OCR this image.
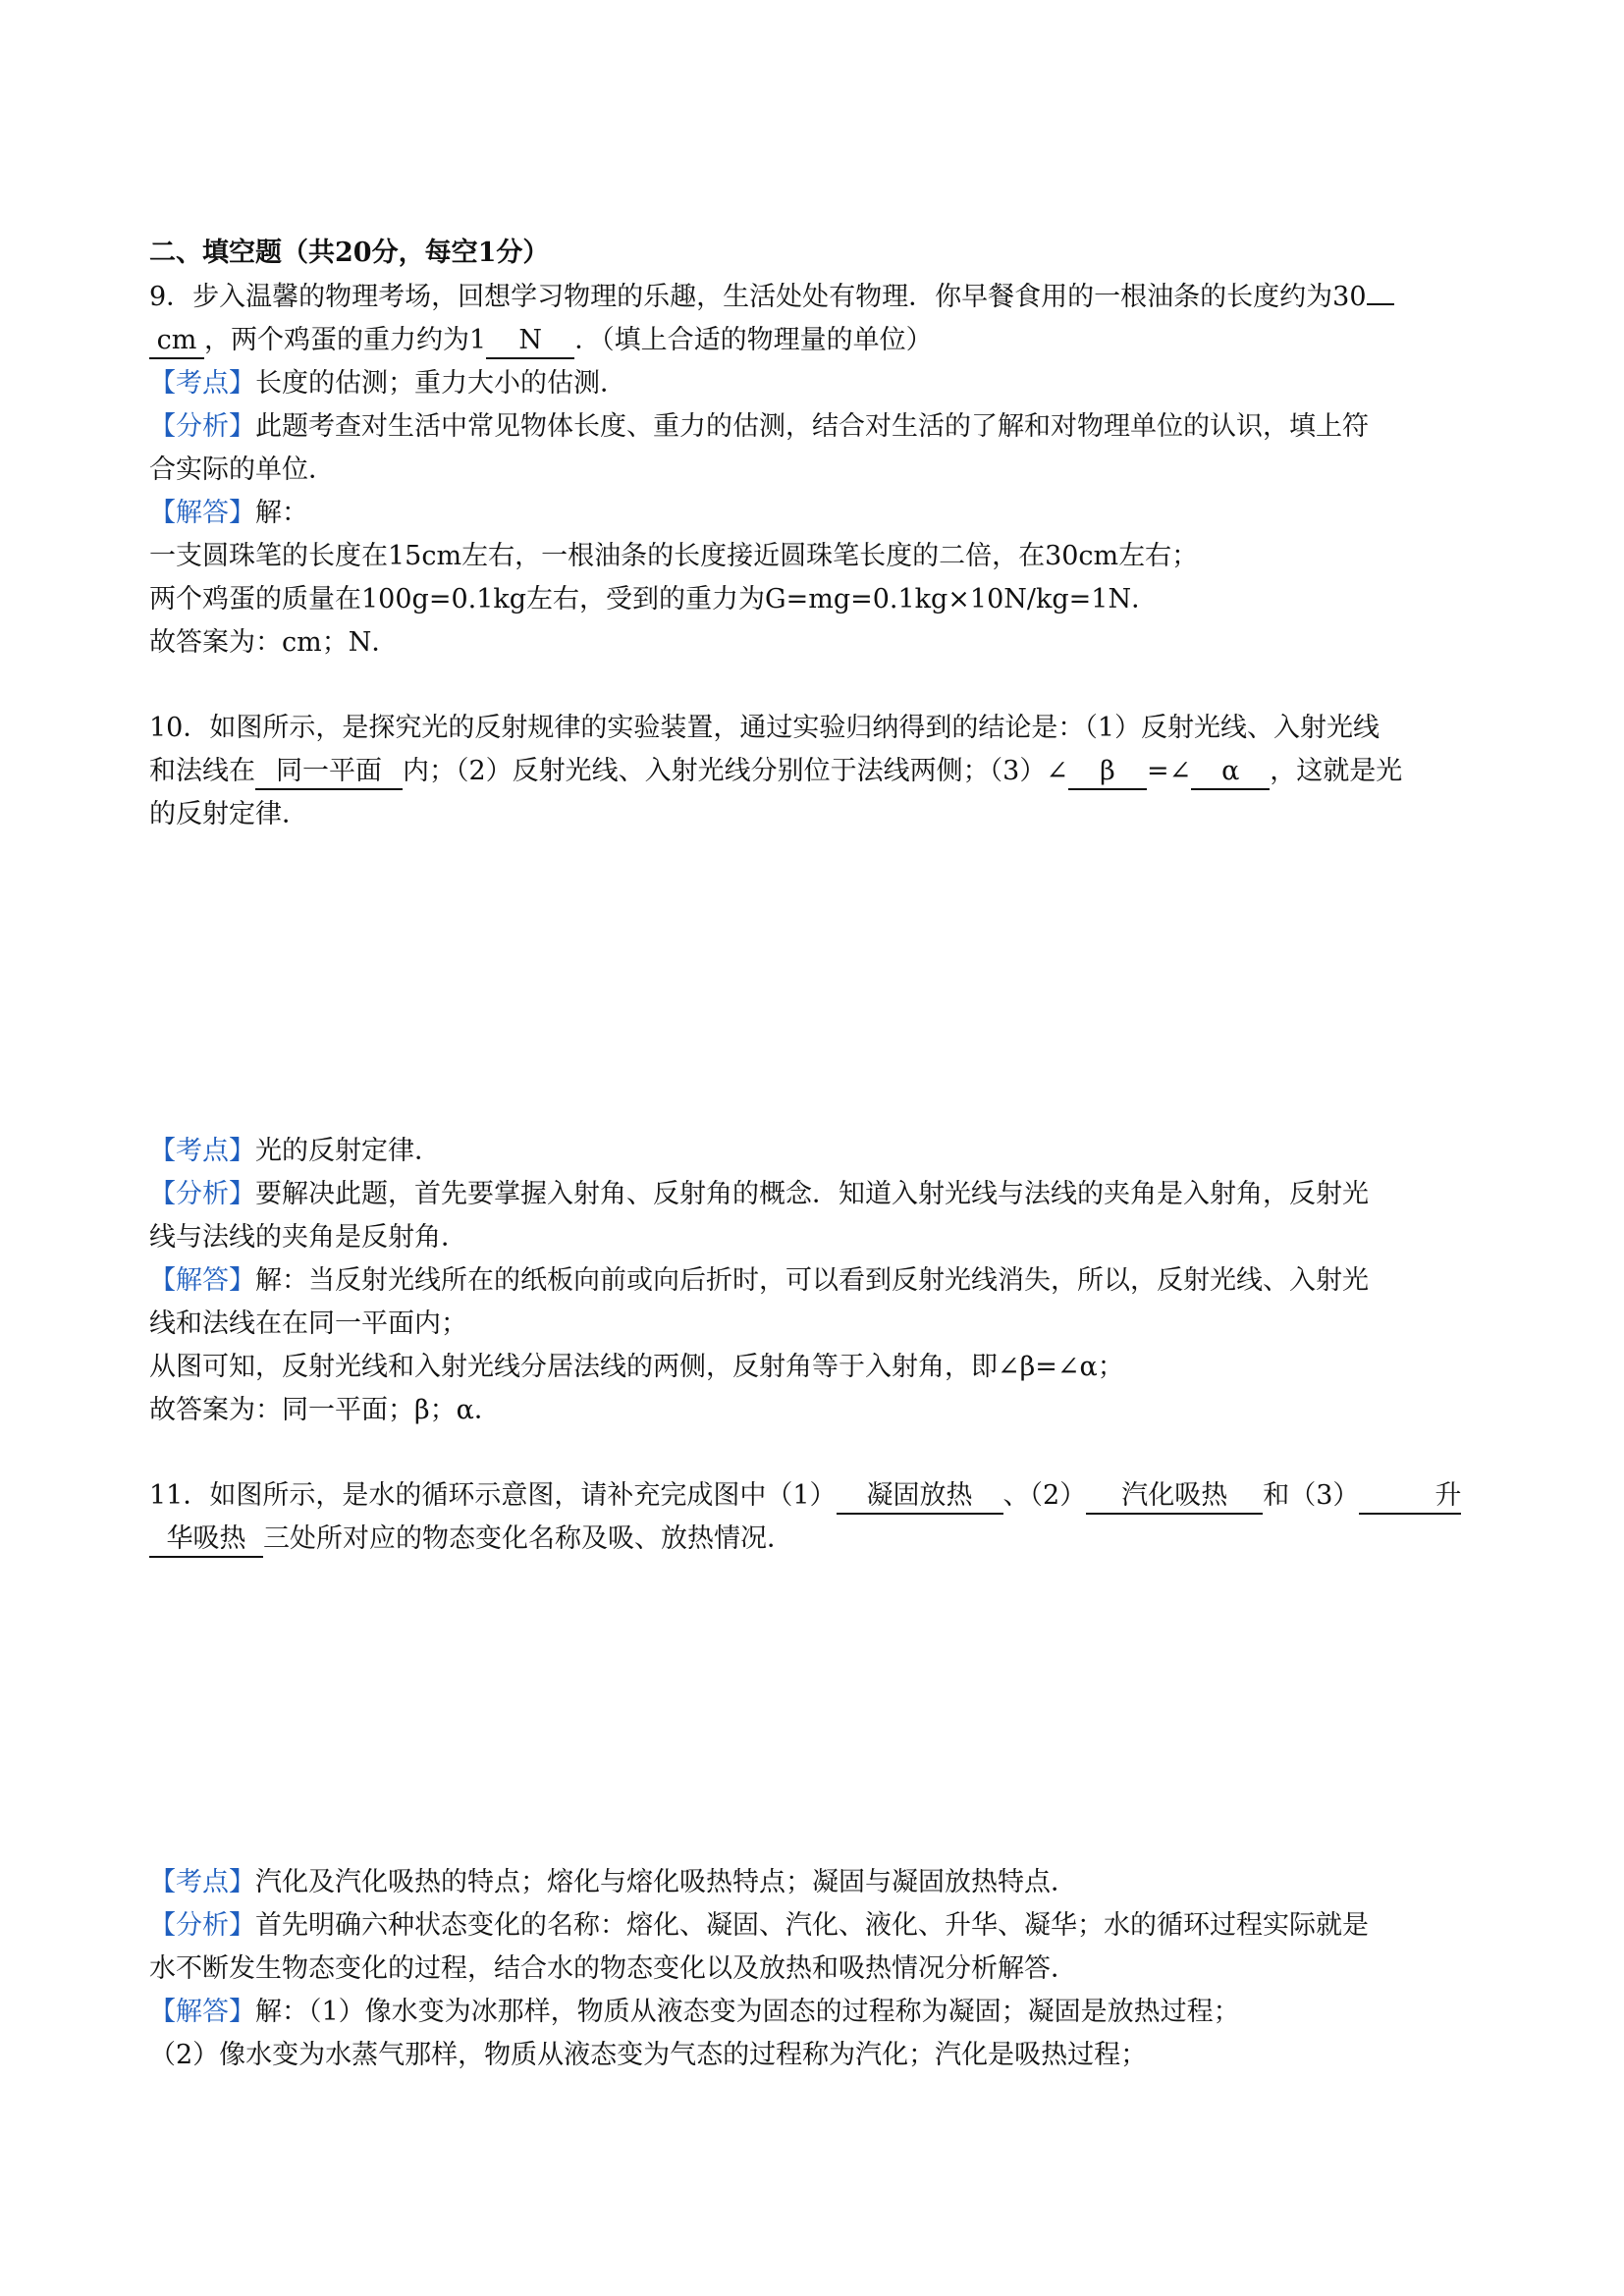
二、填空题（共20分，每空1分）
9．步入温馨的物理考场，回想学习物理的乐趣，生活处处有物理．你早餐食用的一根油条的长度约为30
cm ，两个鸡蛋的重力约为1 N ．（填上合适的物理量的单位）
【考点】长度的估测；重力大小的估测．
【分析】此题考查对生活中常见物体长度、重力的估测，结合对生活的了解和对物理单位的认识，填上符
合实际的单位．
【解答】解：
一支圆珠笔的长度在15cm左右，一根油条的长度接近圆珠笔长度的二倍，在30cm左右；
两个鸡蛋的质量在100g=0.1kg左右，受到的重力为G=mg=0.1kg×10N/kg=1N．
故答案为：cm；N．
10．如图所示，是探究光的反射规律的实验装置，通过实验归纳得到的结论是：（1）反射光线、入射光线
和法线在 同一平面 内；（2）反射光线、入射光线分别位于法线两侧；（3）∠ β =∠ α ，这就是光
的反射定律．
【考点】光的反射定律．
【分析】要解决此题，首先要掌握入射角、反射角的概念．知道入射光线与法线的夹角是入射角，反射光
线与法线的夹角是反射角．
【解答】解：当反射光线所在的纸板向前或向后折时，可以看到反射光线消失，所以，反射光线、入射光
线和法线在在同一平面内；
从图可知，反射光线和入射光线分居法线的两侧，反射角等于入射角，即∠β=∠α；
故答案为：同一平面；β；α．
11．如图所示，是水的循环示意图，请补充完成图中（1） 凝固放热 、（2） 汽化吸热 和（3）	升
华吸热 三处所对应的物态变化名称及吸、放热情况．
【考点】汽化及汽化吸热的特点；熔化与熔化吸热特点；凝固与凝固放热特点．
【分析】首先明确六种状态变化的名称：熔化、凝固、汽化、液化、升华、凝华；水的循环过程实际就是
水不断发生物态变化的过程，结合水的物态变化以及放热和吸热情况分析解答．
【解答】解：（1）像水变为冰那样，物质从液态变为固态的过程称为凝固；凝固是放热过程；
（2）像水变为水蒸气那样，物质从液态变为气态的过程称为汽化；汽化是吸热过程；
